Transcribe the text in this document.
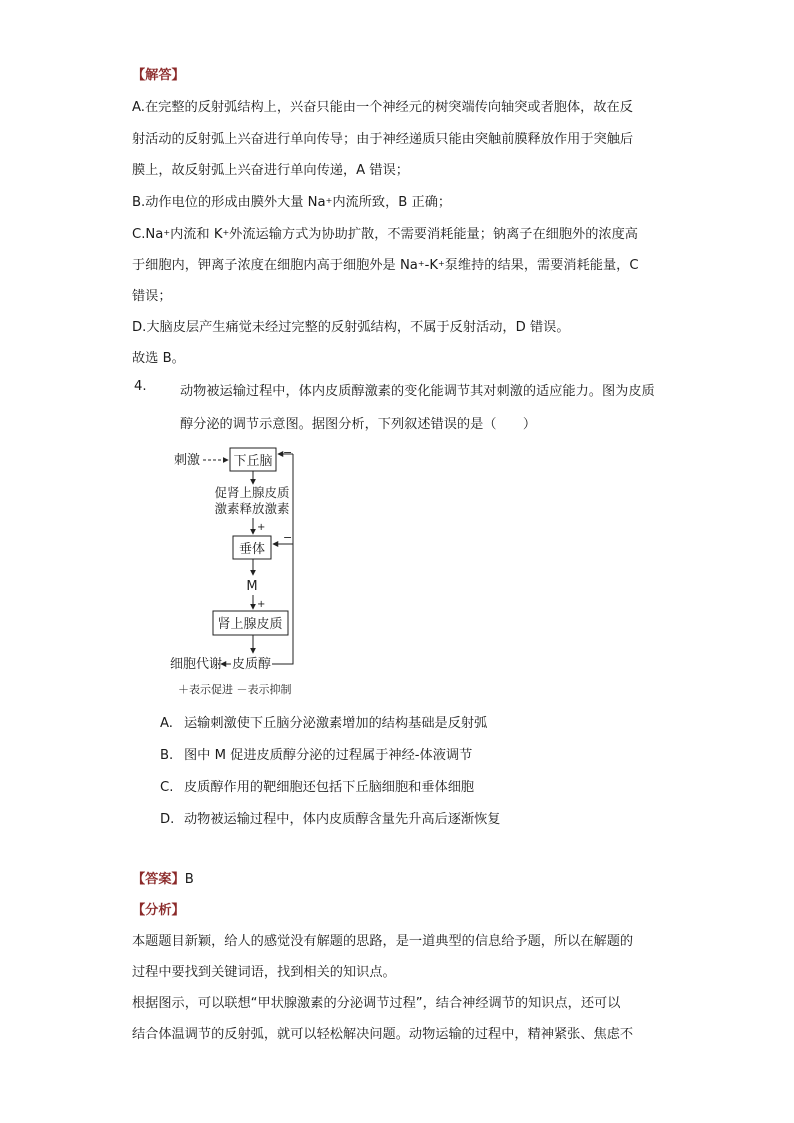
【解答】
A.在完整的反射弧结构上，兴奋只能由一个神经元的树突端传向轴突或者胞体，故在反
射活动的反射弧上兴奋进行单向传导；由于神经递质只能由突触前膜释放作用于突触后
膜上，故反射弧上兴奋进行单向传递，A 错误；
B.动作电位的形成由膜外大量 Na+内流所致，B 正确；
C.Na+内流和 K+外流运输方式为协助扩散，不需要消耗能量；钠离子在细胞外的浓度高
于细胞内，钾离子浓度在细胞内高于细胞外是 Na+-K+泵维持的结果，需要消耗能量，C
错误；
D.大脑皮层产生痛觉未经过完整的反射弧结构，不属于反射活动，D 错误。
故选 B。
4.	动物被运输过程中，体内皮质醇激素的变化能调节其对刺激的适应能力。图为皮质醇分泌的调节示意图。据图分析，下列叙述错误的是（　　）
刺激	下丘脑
−
促肾上腺皮质
激素释放激素
+
垂体
−
M
+
肾上腺皮质
皮质醇
细胞代谢
＋表示促进 －表示抑制
A. 运输刺激使下丘脑分泌激素增加的结构基础是反射弧
B. 图中 M 促进皮质醇分泌的过程属于神经-体液调节
C. 皮质醇作用的靶细胞还包括下丘脑细胞和垂体细胞
D. 动物被运输过程中，体内皮质醇含量先升高后逐渐恢复
【答案】B
【分析】
本题题目新颖，给人的感觉没有解题的思路，是一道典型的信息给予题，所以在解题的
过程中要找到关键词语，找到相关的知识点。
根据图示，可以联想“甲状腺激素的分泌调节过程”，结合神经调节的知识点，还可以
结合体温调节的反射弧，就可以轻松解决问题。动物运输的过程中，精神紧张、焦虑不
